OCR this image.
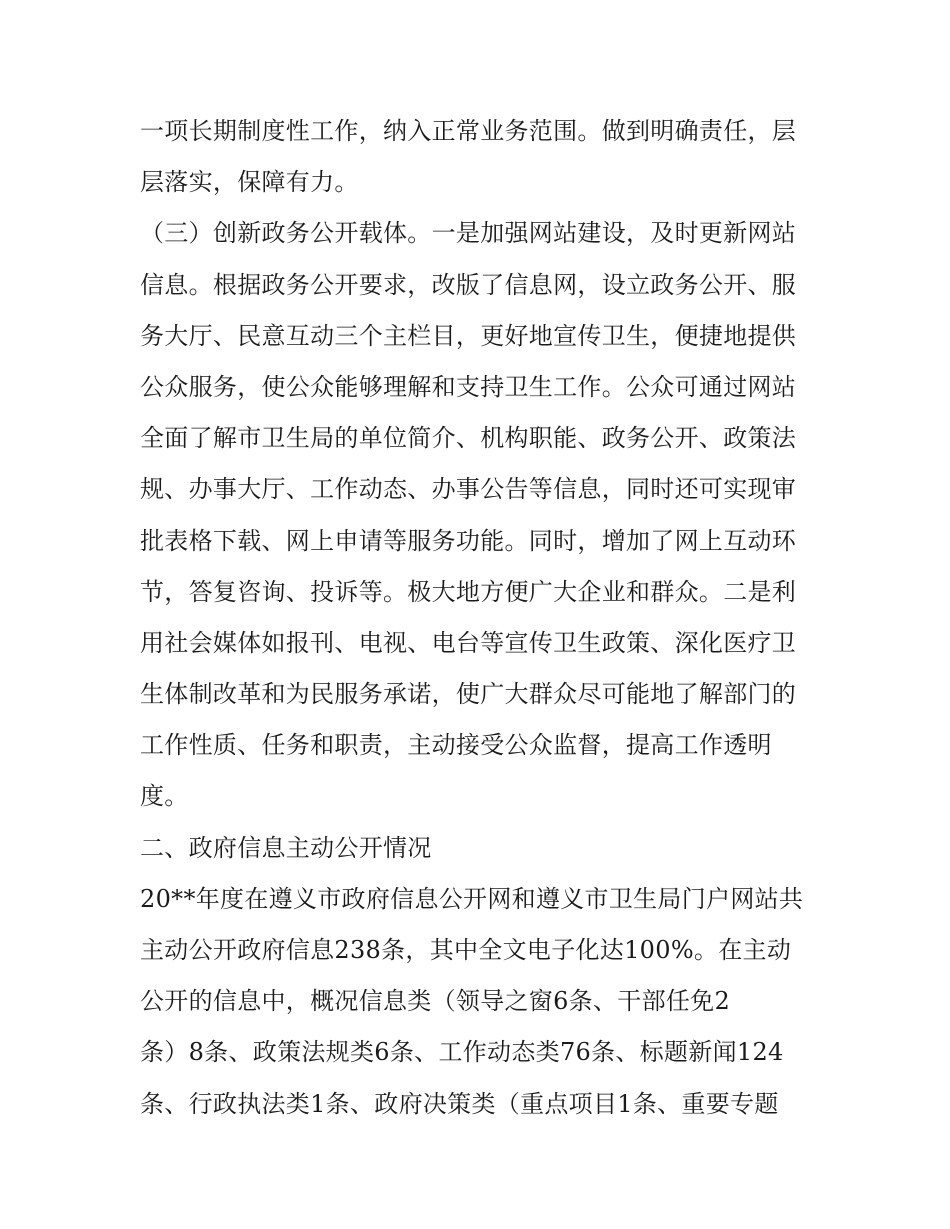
一项长期制度性工作，纳入正常业务范围。做到明确责任，层
层落实，保障有力。
（三）创新政务公开载体。一是加强网站建设，及时更新网站
信息。根据政务公开要求，改版了信息网，设立政务公开、服
务大厅、民意互动三个主栏目，更好地宣传卫生，便捷地提供
公众服务，使公众能够理解和支持卫生工作。公众可通过网站
全面了解市卫生局的单位简介、机构职能、政务公开、政策法
规、办事大厅、工作动态、办事公告等信息，同时还可实现审
批表格下载、网上申请等服务功能。同时，增加了网上互动环
节，答复咨询、投诉等。极大地方便广大企业和群众。二是利
用社会媒体如报刊、电视、电台等宣传卫生政策、深化医疗卫
生体制改革和为民服务承诺，使广大群众尽可能地了解部门的
工作性质、任务和职责，主动接受公众监督，提高工作透明
度。
二、政府信息主动公开情况
20**年度在遵义市政府信息公开网和遵义市卫生局门户网站共
主动公开政府信息238条，其中全文电子化达100%。在主动
公开的信息中，概况信息类（领导之窗6条、干部任免2
条）8条、政策法规类6条、工作动态类76条、标题新闻124
条、行政执法类1条、政府决策类（重点项目1条、重要专题
